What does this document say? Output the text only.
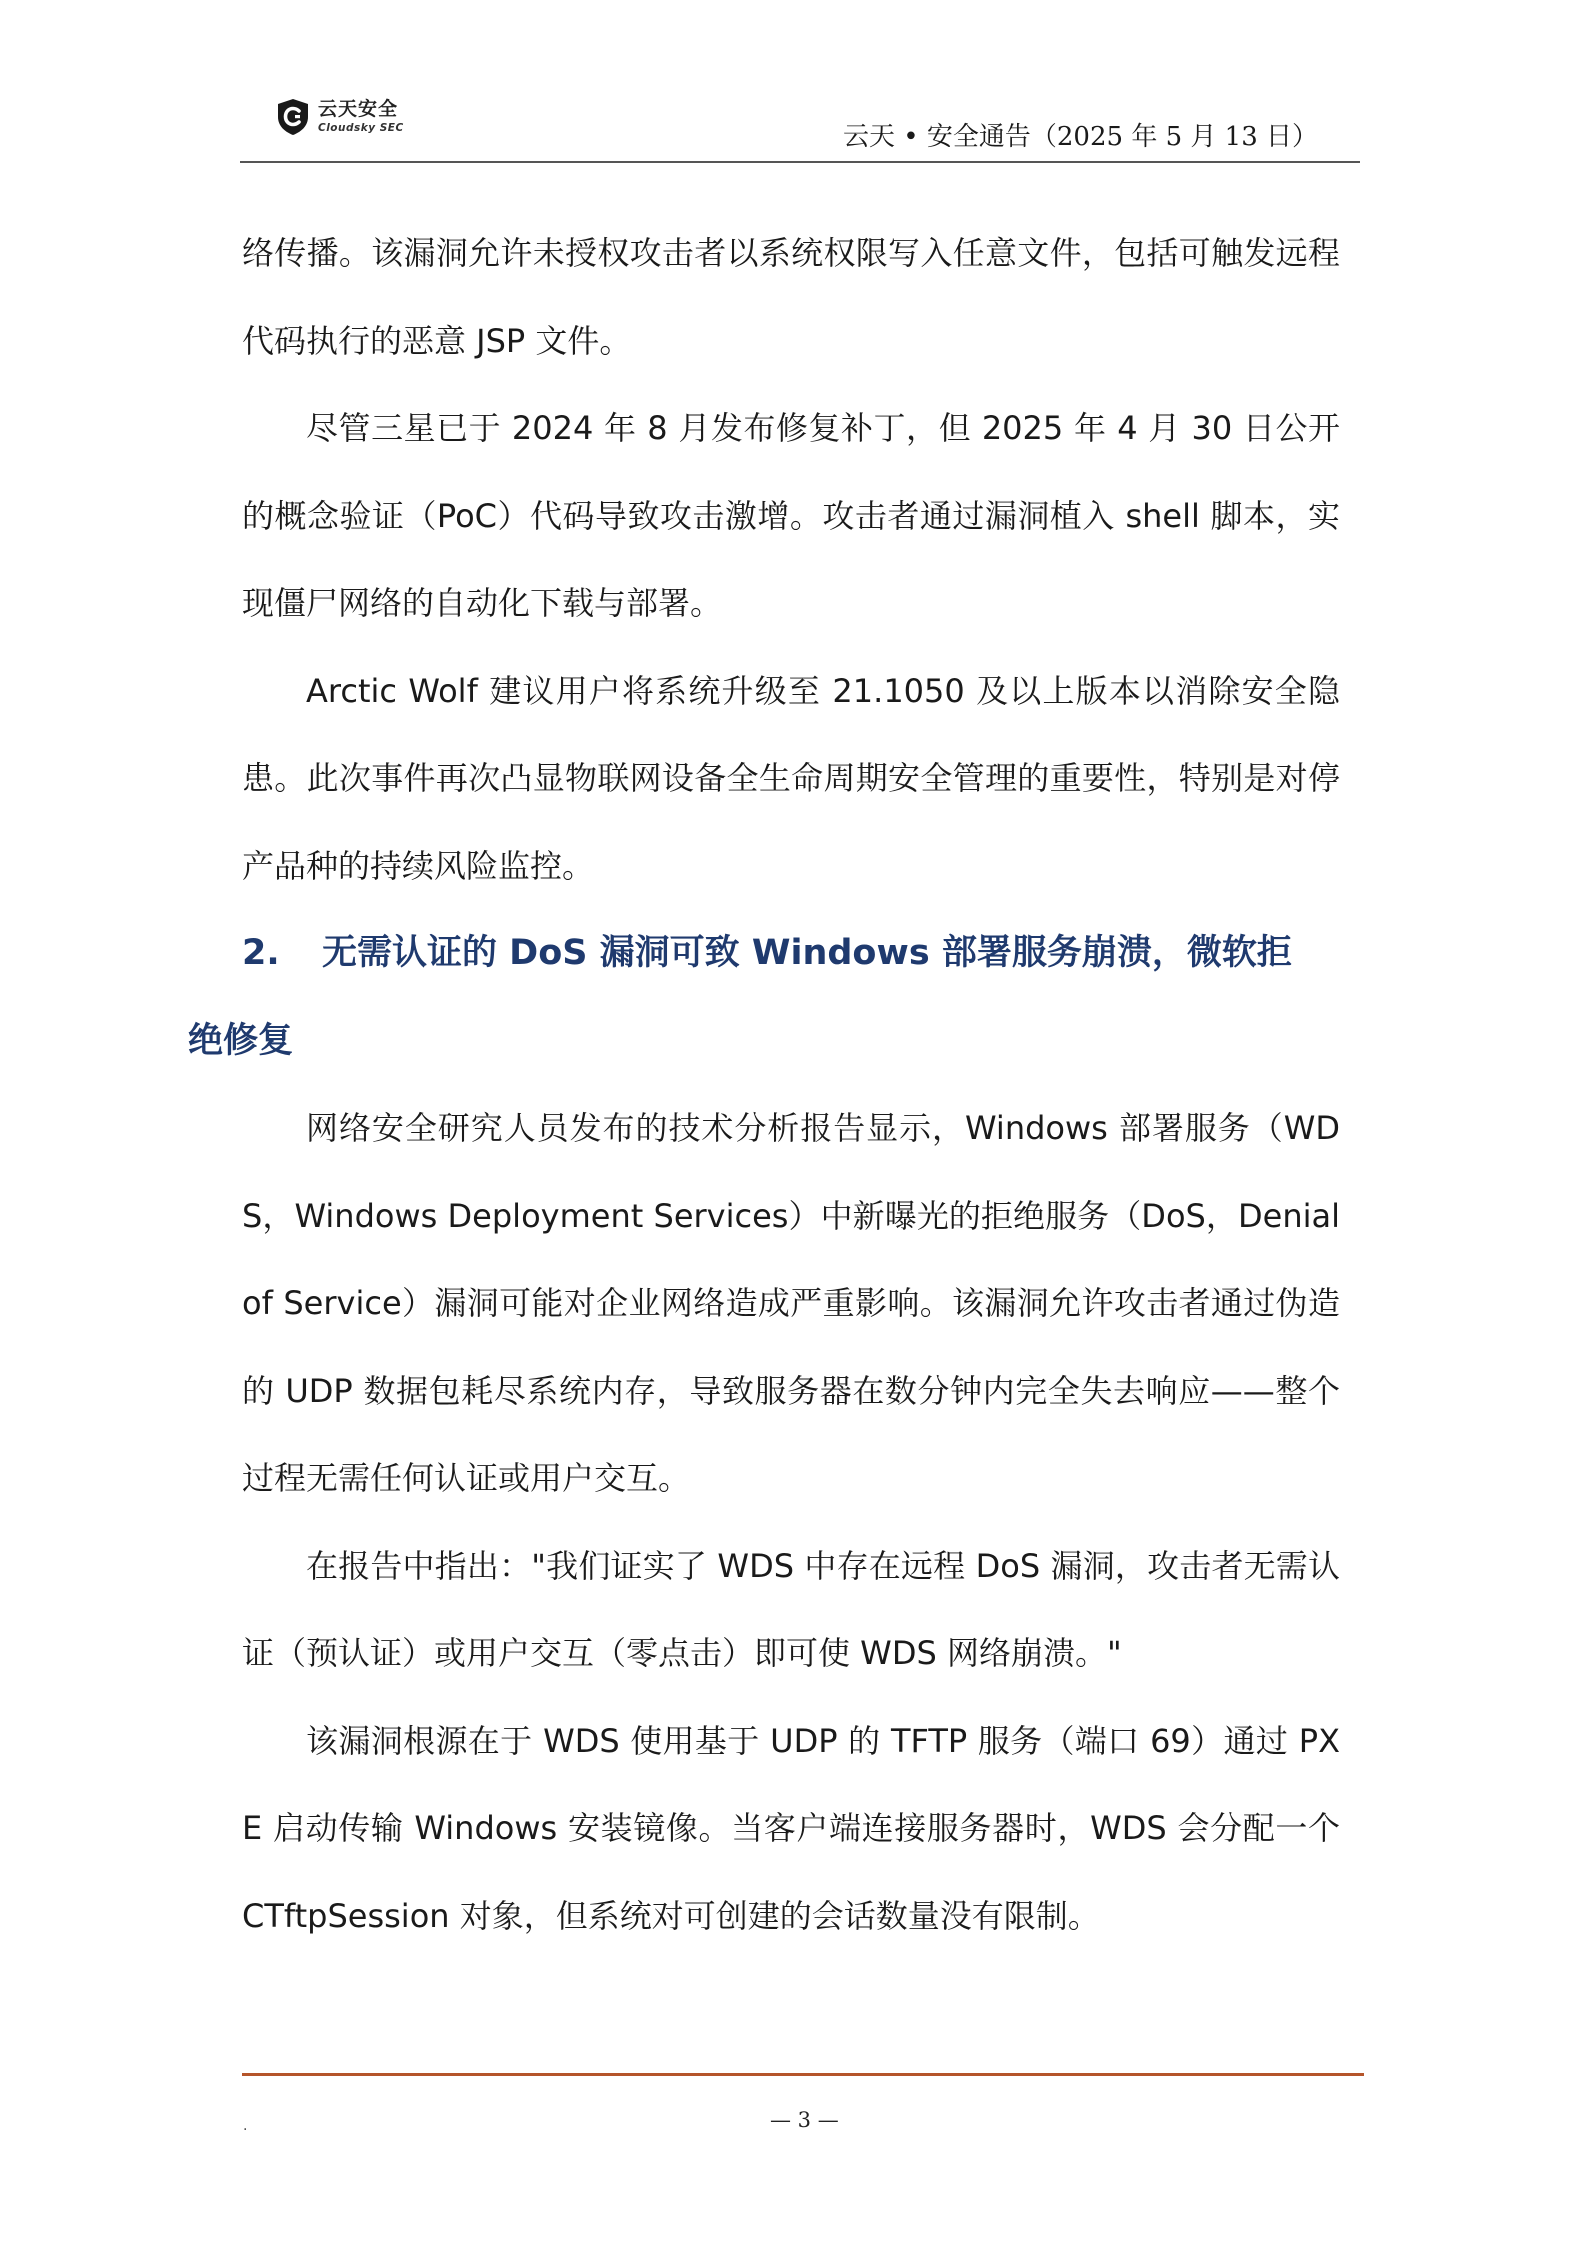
云天安全
Cloudsky SEC	云天 • 安全通告（2025 年 5 月 13 日）

络传播。该漏洞允许未授权攻击者以系统权限写入任意文件，包括可触发远程代码执行的恶意 JSP 文件。

尽管三星已于 2024 年 8 月发布修复补丁，但 2025 年 4 月 30 日公开的概念验证（PoC）代码导致攻击激增。攻击者通过漏洞植入 shell 脚本，实现僵尸网络的自动化下载与部署。

Arctic Wolf 建议用户将系统升级至 21.1050 及以上版本以消除安全隐患。此次事件再次凸显物联网设备全生命周期安全管理的重要性，特别是对停产品种的持续风险监控。

2. 无需认证的 DoS 漏洞可致 Windows 部署服务崩溃，微软拒
绝修复

网络安全研究人员发布的技术分析报告显示，Windows 部署服务（WDS，Windows Deployment Services）中新曝光的拒绝服务（DoS，Denial of Service）漏洞可能对企业网络造成严重影响。该漏洞允许攻击者通过伪造的 UDP 数据包耗尽系统内存，导致服务器在数分钟内完全失去响应——整个过程无需任何认证或用户交互。

在报告中指出："我们证实了 WDS 中存在远程 DoS 漏洞，攻击者无需认证（预认证）或用户交互（零点击）即可使 WDS 网络崩溃。"

该漏洞根源在于 WDS 使用基于 UDP 的 TFTP 服务（端口 69）通过 PXE 启动传输 Windows 安装镜像。当客户端连接服务器时，WDS 会分配一个 CTftpSession 对象，但系统对可创建的会话数量没有限制。

.	— 3 —
